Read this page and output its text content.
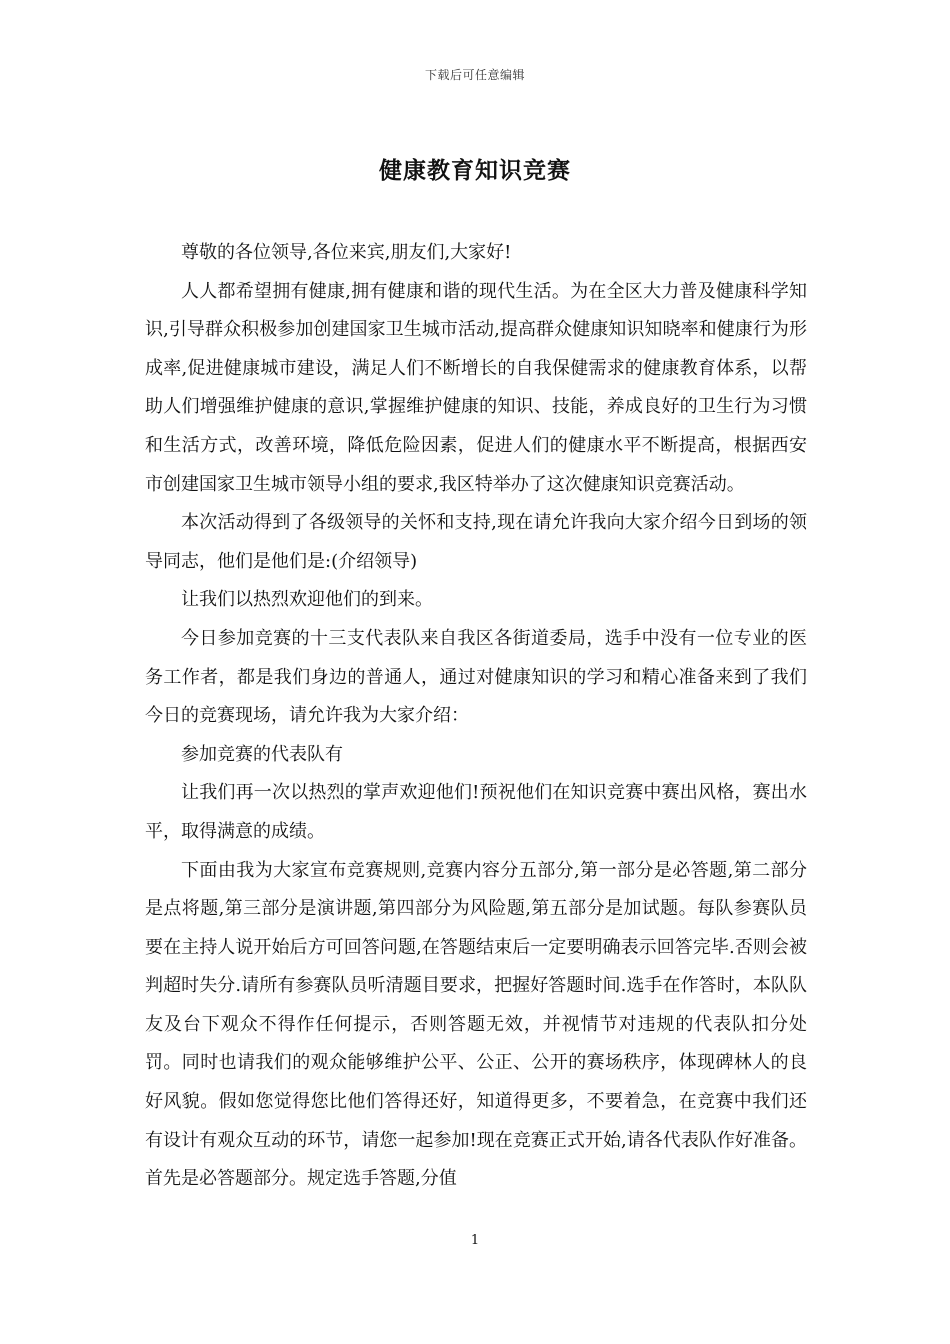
下载后可任意编辑
健康教育知识竞赛

尊敬的各位领导,各位来宾,朋友们,大家好!

人人都希望拥有健康,拥有健康和谐的现代生活。为在全区大力普及健康科学知识,引导群众积极参加创建国家卫生城市活动,提高群众健康知识知晓率和健康行为形成率,促进健康城市建设，满足人们不断增长的自我保健需求的健康教育体系，以帮助人们增强维护健康的意识,掌握维护健康的知识、技能，养成良好的卫生行为习惯和生活方式，改善环境，降低危险因素，促进人们的健康水平不断提高，根据西安市创建国家卫生城市领导小组的要求,我区特举办了这次健康知识竞赛活动。

本次活动得到了各级领导的关怀和支持,现在请允许我向大家介绍今日到场的领导同志，他们是他们是:(介绍领导)

让我们以热烈欢迎他们的到来。

今日参加竞赛的十三支代表队来自我区各街道委局，选手中没有一位专业的医务工作者，都是我们身边的普通人，通过对健康知识的学习和精心准备来到了我们今日的竞赛现场，请允许我为大家介绍：

参加竞赛的代表队有

让我们再一次以热烈的掌声欢迎他们!预祝他们在知识竞赛中赛出风格，赛出水平，取得满意的成绩。

下面由我为大家宣布竞赛规则,竞赛内容分五部分,第一部分是必答题,第二部分是点将题,第三部分是演讲题,第四部分为风险题,第五部分是加试题。每队参赛队员要在主持人说开始后方可回答问题,在答题结束后一定要明确表示回答完毕.否则会被判超时失分.请所有参赛队员听清题目要求，把握好答题时间.选手在作答时，本队队友及台下观众不得作任何提示，否则答题无效，并视情节对违规的代表队扣分处罚。同时也请我们的观众能够维护公平、公正、公开的赛场秩序，体现碑林人的良好风貌。假如您觉得您比他们答得还好，知道得更多，不要着急，在竞赛中我们还有设计有观众互动的环节，请您一起参加!现在竞赛正式开始,请各代表队作好准备。首先是必答题部分。规定选手答题,分值

1
